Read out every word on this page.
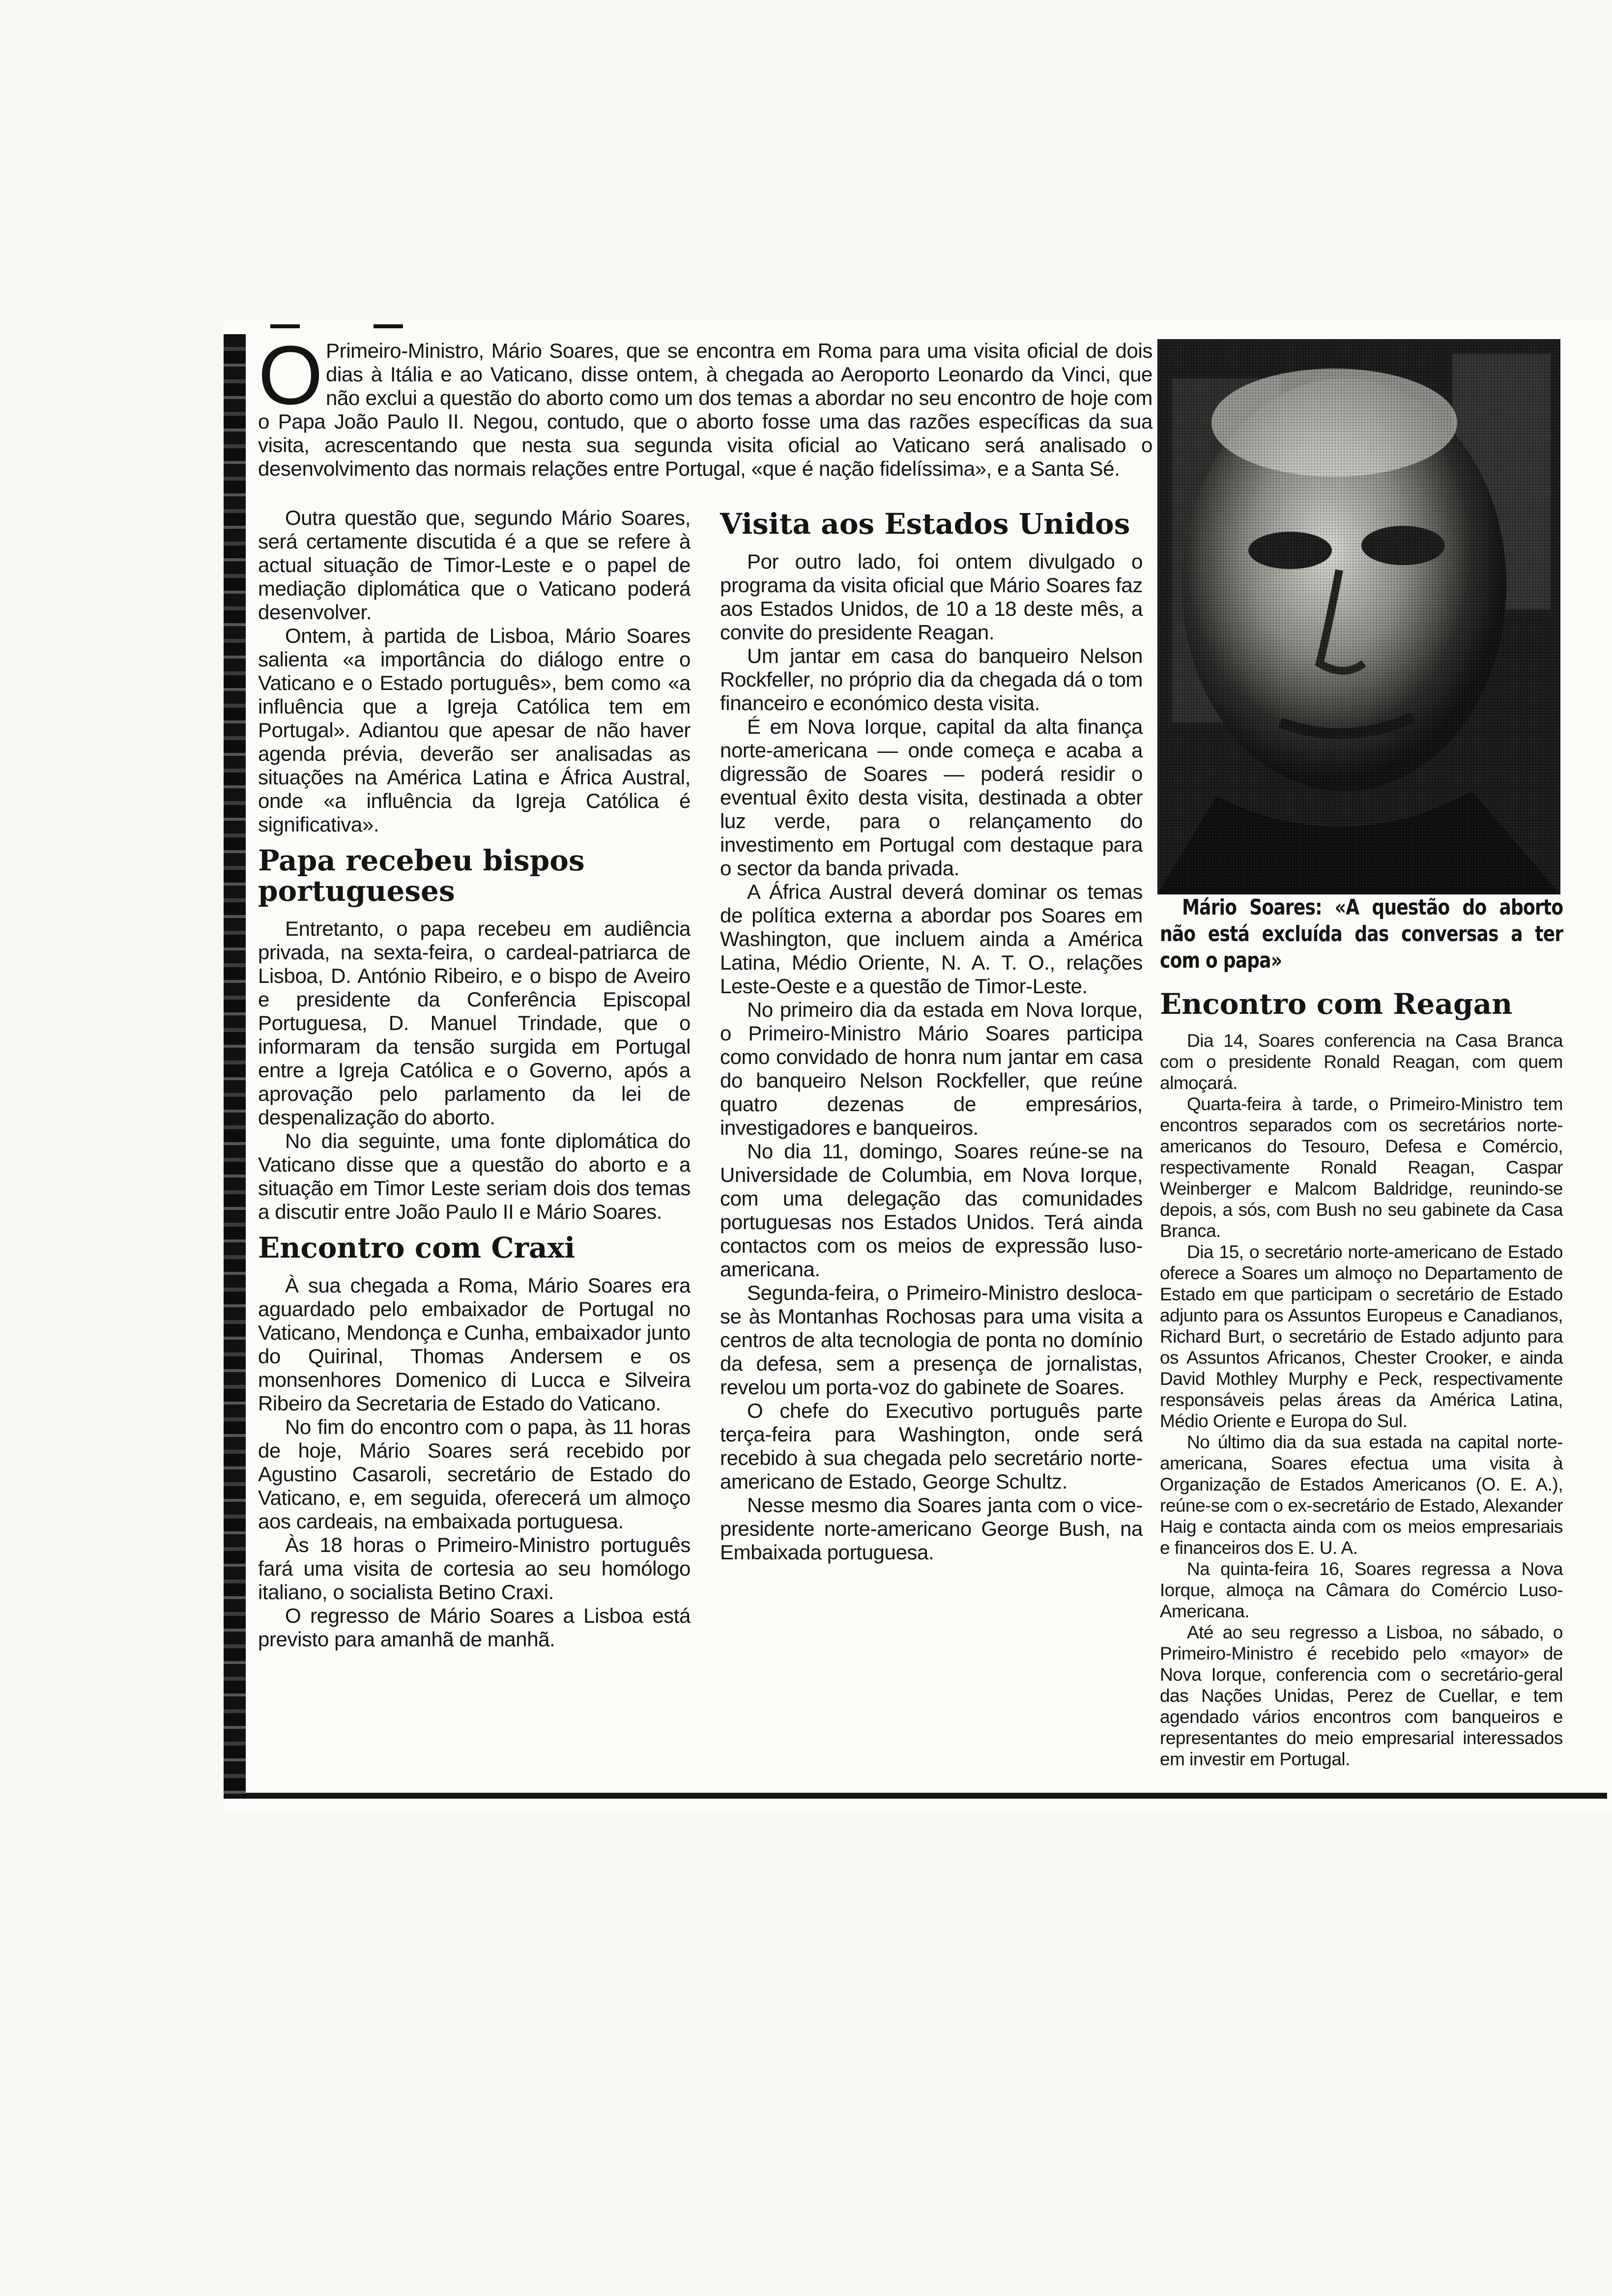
O Primeiro-Ministro, Mário Soares, que se encontra em Roma para uma visita oficial de dois dias à Itália e ao Vaticano, disse ontem, à chegada ao Aeroporto Leonardo da Vinci, que não exclui a questão do aborto como um dos temas a abordar no seu encontro de hoje com o Papa João Paulo II. Negou, contudo, que o aborto fosse uma das razões específicas da sua visita, acrescentando que nesta sua segunda visita oficial ao Vaticano será analisado o desenvolvimento das normais relações entre Portugal, «que é nação fidelíssima», e a Santa Sé.

Outra questão que, segundo Mário Soares, será certamente discutida é a que se refere à actual situação de Timor-Leste e o papel de mediação diplomática que o Vaticano poderá desenvolver.

Ontem, à partida de Lisboa, Mário Soares salienta «a importância do diálogo entre o Vaticano e o Estado português», bem como «a influência que a Igreja Católica tem em Portugal». Adiantou que apesar de não haver agenda prévia, deverão ser analisadas as situações na América Latina e África Austral, onde «a influência da Igreja Católica é significativa».

Papa recebeu bispos portugueses

Entretanto, o papa recebeu em audiência privada, na sexta-feira, o cardeal-patriarca de Lisboa, D. António Ribeiro, e o bispo de Aveiro e presidente da Conferência Episcopal Portuguesa, D. Manuel Trindade, que o informaram da tensão surgida em Portugal entre a Igreja Católica e o Governo, após a aprovação pelo parlamento da lei de despenalização do aborto.

No dia seguinte, uma fonte diplomática do Vaticano disse que a questão do aborto e a situação em Timor Leste seriam dois dos temas a discutir entre João Paulo II e Mário Soares.

Encontro com Craxi

À sua chegada a Roma, Mário Soares era aguardado pelo embaixador de Portugal no Vaticano, Mendonça e Cunha, embaixador junto do Quirinal, Thomas Andersem e os monsenhores Domenico di Lucca e Silveira Ribeiro da Secretaria de Estado do Vaticano.

No fim do encontro com o papa, às 11 horas de hoje, Mário Soares será recebido por Agustino Casaroli, secretário de Estado do Vaticano, e, em seguida, oferecerá um almoço aos cardeais, na embaixada portuguesa.

Às 18 horas o Primeiro-Ministro português fará uma visita de cortesia ao seu homólogo italiano, o socialista Betino Craxi.

O regresso de Mário Soares a Lisboa está previsto para amanhã de manhã.

Visita aos Estados Unidos

Por outro lado, foi ontem divulgado o programa da visita oficial que Mário Soares faz aos Estados Unidos, de 10 a 18 deste mês, a convite do presidente Reagan.

Um jantar em casa do banqueiro Nelson Rockfeller, no próprio dia da chegada dá o tom financeiro e económico desta visita.

É em Nova Iorque, capital da alta finança norte-americana — onde começa e acaba a digressão de Soares — poderá residir o eventual êxito desta visita, destinada a obter luz verde, para o relançamento do investimento em Portugal com destaque para o sector da banda privada.

A África Austral deverá dominar os temas de política externa a abordar pos Soares em Washington, que incluem ainda a América Latina, Médio Oriente, N. A. T. O., relações Leste-Oeste e a questão de Timor-Leste.

No primeiro dia da estada em Nova Iorque, o Primeiro-Ministro Mário Soares participa como convidado de honra num jantar em casa do banqueiro Nelson Rockfeller, que reúne quatro dezenas de empresários, investigadores e banqueiros.

No dia 11, domingo, Soares reúne-se na Universidade de Columbia, em Nova Iorque, com uma delegação das comunidades portuguesas nos Estados Unidos. Terá ainda contactos com os meios de expressão luso-americana.

Segunda-feira, o Primeiro-Ministro desloca-se às Montanhas Rochosas para uma visita a centros de alta tecnologia de ponta no domínio da defesa, sem a presença de jornalistas, revelou um porta-voz do gabinete de Soares.

O chefe do Executivo português parte terça-feira para Washington, onde será recebido à sua chegada pelo secretário norte-americano de Estado, George Schultz.

Nesse mesmo dia Soares janta com o vice-presidente norte-americano George Bush, na Embaixada portuguesa.

Mário Soares: «A questão do aborto não está excluída das conversas a ter com o papa»

Encontro com Reagan

Dia 14, Soares conferencia na Casa Branca com o presidente Ronald Reagan, com quem almoçará.

Quarta-feira à tarde, o Primeiro-Ministro tem encontros separados com os secretários norte-americanos do Tesouro, Defesa e Comércio, respectivamente Ronald Reagan, Caspar Weinberger e Malcom Baldridge, reunindo-se depois, a sós, com Bush no seu gabinete da Casa Branca.

Dia 15, o secretário norte-americano de Estado oferece a Soares um almoço no Departamento de Estado em que participam o secretário de Estado adjunto para os Assuntos Europeus e Canadianos, Richard Burt, o secretário de Estado adjunto para os Assuntos Africanos, Chester Crooker, e ainda David Mothley Murphy e Peck, respectivamente responsáveis pelas áreas da América Latina, Médio Oriente e Europa do Sul.

No último dia da sua estada na capital norte-americana, Soares efectua uma visita à Organização de Estados Americanos (O. E. A.), reúne-se com o ex-secretário de Estado, Alexander Haig e contacta ainda com os meios empresariais e financeiros dos E. U. A.

Na quinta-feira 16, Soares regressa a Nova Iorque, almoça na Câmara do Comércio Luso-Americana.

Até ao seu regresso a Lisboa, no sábado, o Primeiro-Ministro é recebido pelo «mayor» de Nova Iorque, conferencia com o secretário-geral das Nações Unidas, Perez de Cuellar, e tem agendado vários encontros com banqueiros e representantes do meio empresarial interessados em investir em Portugal.
